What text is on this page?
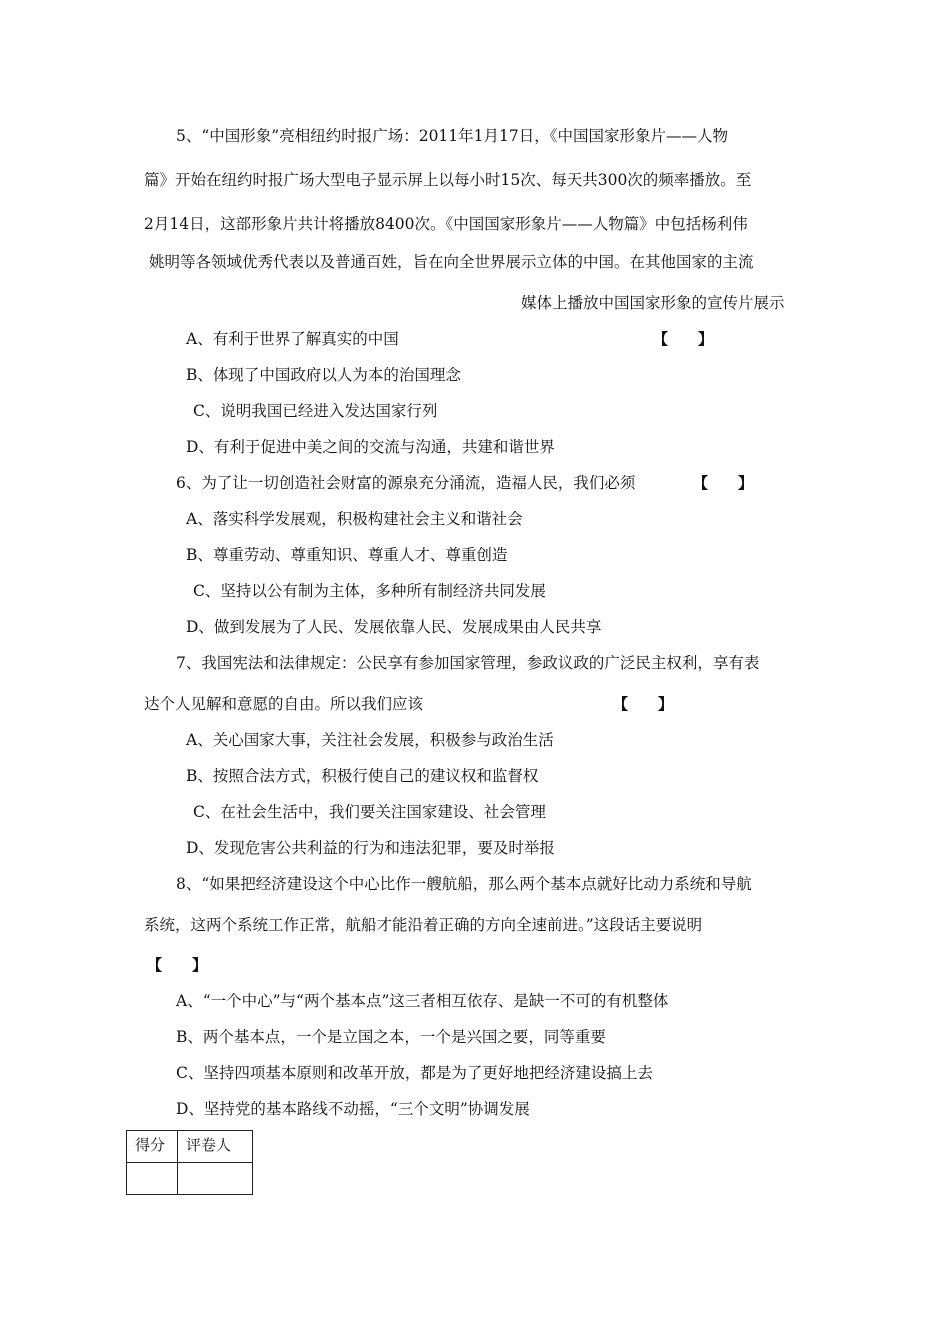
5、“中国形象”亮相纽约时报广场：2011年1月17日，《中国国家形象片——人物
篇》开始在纽约时报广场大型电子显示屏上以每小时15次、每天共300次的频率播放。至
2月14日，这部形象片共计将播放8400次。《中国国家形象片——人物篇》中包括杨利伟
姚明等各领域优秀代表以及普通百姓，旨在向全世界展示立体的中国。在其他国家的主流
媒体上播放中国国家形象的宣传片展示
A、有利于世界了解真实的中国	【　　】
B、体现了中国政府以人为本的治国理念
C、说明我国已经进入发达国家行列
D、有利于促进中美之间的交流与沟通，共建和谐世界
6、为了让一切创造社会财富的源泉充分涌流，造福人民，我们必须	【　　】
A、落实科学发展观，积极构建社会主义和谐社会
B、尊重劳动、尊重知识、尊重人才、尊重创造
C、坚持以公有制为主体，多种所有制经济共同发展
D、做到发展为了人民、发展依靠人民、发展成果由人民共享
7、我国宪法和法律规定：公民享有参加国家管理，参政议政的广泛民主权利，享有表
达个人见解和意愿的自由。所以我们应该	【　　】
A、关心国家大事，关注社会发展，积极参与政治生活
B、按照合法方式，积极行使自己的建议权和监督权
C、在社会生活中，我们要关注国家建设、社会管理
D、发现危害公共利益的行为和违法犯罪，要及时举报
8、“如果把经济建设这个中心比作一艘航船，那么两个基本点就好比动力系统和导航
系统，这两个系统工作正常，航船才能沿着正确的方向全速前进。”这段话主要说明
【　　】
A、“一个中心”与“两个基本点”这三者相互依存、是缺一不可的有机整体
B、两个基本点，一个是立国之本，一个是兴国之要，同等重要
C、坚持四项基本原则和改革开放，都是为了更好地把经济建设搞上去
D、坚持党的基本路线不动摇，“三个文明”协调发展
得分	评卷人
